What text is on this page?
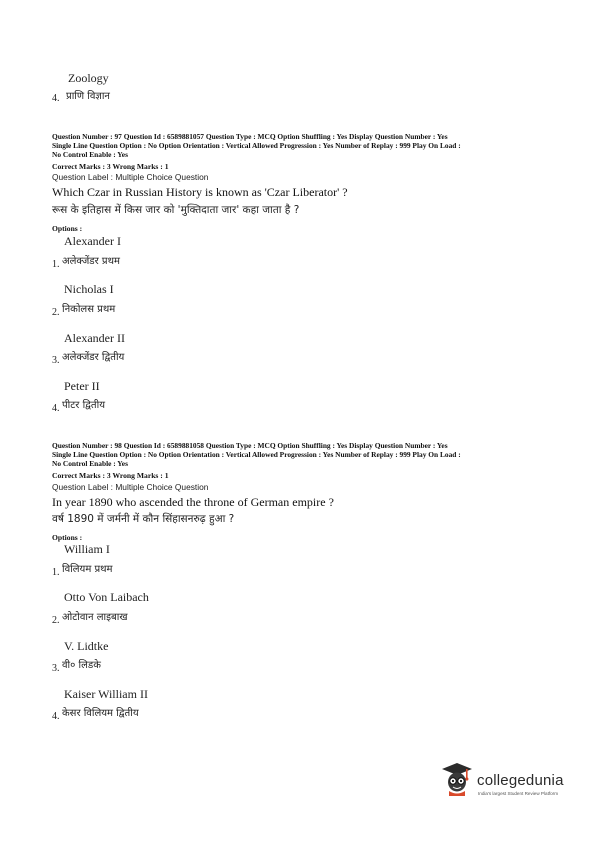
Zoology
4. प्राणि विज्ञान
Question Number : 97 Question Id : 6589881057 Question Type : MCQ Option Shuffling : Yes Display Question Number : Yes
Single Line Question Option : No Option Orientation : Vertical Allowed Progression : Yes Number of Replay : 999 Play On Load :
No Control Enable : Yes
Correct Marks : 3 Wrong Marks : 1
Question Label : Multiple Choice Question
Which Czar in Russian History is known as 'Czar Liberator' ?
रूस के इतिहास में किस जार को 'मुक्तिदाता जार' कहा जाता है ?
Options :
Alexander I
1. अलेक्जेंडर प्रथम
Nicholas I
2. निकोलस प्रथम
Alexander II
3. अलेक्जेंडर द्वितीय
Peter II
4. पीटर द्वितीय
Question Number : 98 Question Id : 6589881058 Question Type : MCQ Option Shuffling : Yes Display Question Number : Yes
Single Line Question Option : No Option Orientation : Vertical Allowed Progression : Yes Number of Replay : 999 Play On Load :
No Control Enable : Yes
Correct Marks : 3 Wrong Marks : 1
Question Label : Multiple Choice Question
In year 1890 who ascended the throne of German empire ?
वर्ष 1890 में जर्मनी में कौन सिंहासनरुढ़ हुआ ?
Options :
William I
1. विलियम प्रथम
Otto Von Laibach
2. ओटोवान लाइबाख
V. Lidtke
3. वी० लिडके
Kaiser William II
4. केसर विलियम द्वितीय
collegedunia
India's largest Student Review Platform
